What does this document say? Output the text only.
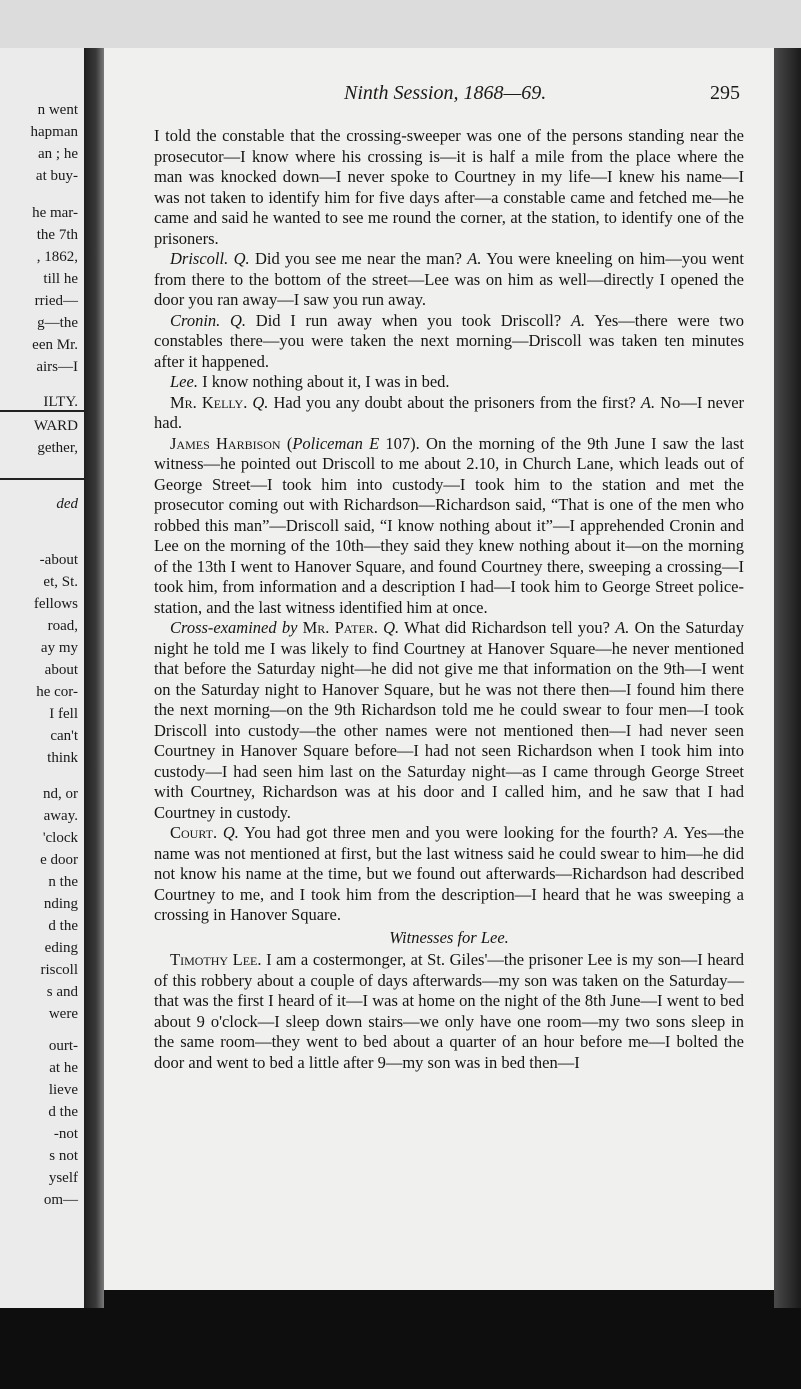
n went
hapman
an ; he
at buy-
he mar-
the 7th
, 1862,
till he
rried—
g—the
een Mr.
airs—I
ILTY.
WARD
gether,
ded
-about
et, St.
fellows
road,
ay my
about
he cor-
I fell
can't
think
nd, or
away.
'clock
e door
n the
nding
d the
eding
riscoll
s and
were
ourt-
at he
lieve
d the
-not
s not
yself
om—
Ninth Session, 1868—69.	295

I told the constable that the crossing-sweeper was one of the persons standing near the prosecutor—I know where his crossing is—it is half a mile from the place where the man was knocked down—I never spoke to Courtney in my life—I knew his name—I was not taken to identify him for five days after—a constable came and fetched me—he came and said he wanted to see me round the corner, at the station, to identify one of the prisoners.

Driscoll. Q. Did you see me near the man? A. You were kneeling on him—you went from there to the bottom of the street—Lee was on him as well—directly I opened the door you ran away—I saw you run away.

Cronin. Q. Did I run away when you took Driscoll? A. Yes—there were two constables there—you were taken the next morning—Driscoll was taken ten minutes after it happened.

Lee. I know nothing about it, I was in bed.

Mr. Kelly. Q. Had you any doubt about the prisoners from the first? A. No—I never had.

James Harbison (Policeman E 107). On the morning of the 9th June I saw the last witness—he pointed out Driscoll to me about 2.10, in Church Lane, which leads out of George Street—I took him into custody—I took him to the station and met the prosecutor coming out with Richardson—Richardson said, “That is one of the men who robbed this man”—Driscoll said, “I know nothing about it”—I apprehended Cronin and Lee on the morning of the 10th—they said they knew nothing about it—on the morning of the 13th I went to Hanover Square, and found Courtney there, sweeping a crossing—I took him, from information and a description I had—I took him to George Street police-station, and the last witness identified him at once.

Cross-examined by Mr. Pater. Q. What did Richardson tell you? A. On the Saturday night he told me I was likely to find Courtney at Hanover Square—he never mentioned that before the Saturday night—he did not give me that information on the 9th—I went on the Saturday night to Hanover Square, but he was not there then—I found him there the next morning—on the 9th Richardson told me he could swear to four men—I took Driscoll into custody—the other names were not mentioned then—I had never seen Courtney in Hanover Square before—I had not seen Richardson when I took him into custody—I had seen him last on the Saturday night—as I came through George Street with Courtney, Richardson was at his door and I called him, and he saw that I had Courtney in custody.

Court. Q. You had got three men and you were looking for the fourth? A. Yes—the name was not mentioned at first, but the last witness said he could swear to him—he did not know his name at the time, but we found out afterwards—Richardson had described Courtney to me, and I took him from the description—I heard that he was sweeping a crossing in Hanover Square.

Witnesses for Lee.

Timothy Lee. I am a costermonger, at St. Giles'—the prisoner Lee is my son—I heard of this robbery about a couple of days afterwards—my son was taken on the Saturday—that was the first I heard of it—I was at home on the night of the 8th June—I went to bed about 9 o'clock—I sleep down stairs—we only have one room—my two sons sleep in the same room—they went to bed about a quarter of an hour before me—I bolted the door and went to bed a little after 9—my son was in bed then—I
